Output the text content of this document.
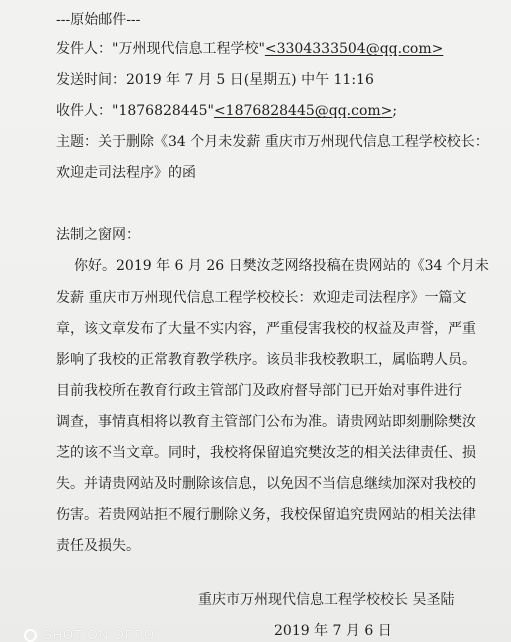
---原始邮件---
发件人："万州现代信息工程学校"<3304333504@qq.com>
发送时间：2019 年 7 月 5 日(星期五) 中午 11:16
收件人："1876828445"<1876828445@qq.com>;
主题：关于删除《34 个月未发薪 重庆市万州现代信息工程学校校长：
欢迎走司法程序》的函
法制之窗网：
你好。2019 年 6 月 26 日樊汝芝网络投稿在贵网站的《34 个月未
发薪 重庆市万州现代信息工程学校校长：欢迎走司法程序》一篇文
章，该文章发布了大量不实内容，严重侵害我校的权益及声誉，严重
影响了我校的正常教育教学秩序。该员非我校教职工，属临聘人员。
目前我校所在教育行政主管部门及政府督导部门已开始对事件进行
调查，事情真相将以教育主管部门公布为准。请贵网站即刻删除樊汝
芝的该不当文章。同时，我校将保留追究樊汝芝的相关法律责任、损
失。并请贵网站及时删除该信息，以免因不当信息继续加深对我校的
伤害。若贵网站拒不履行删除义务，我校保留追究贵网站的相关法律
责任及损失。
重庆市万州现代信息工程学校校长 吴圣陆
2019 年 7 月 6 日
SHOT ON OPPO
